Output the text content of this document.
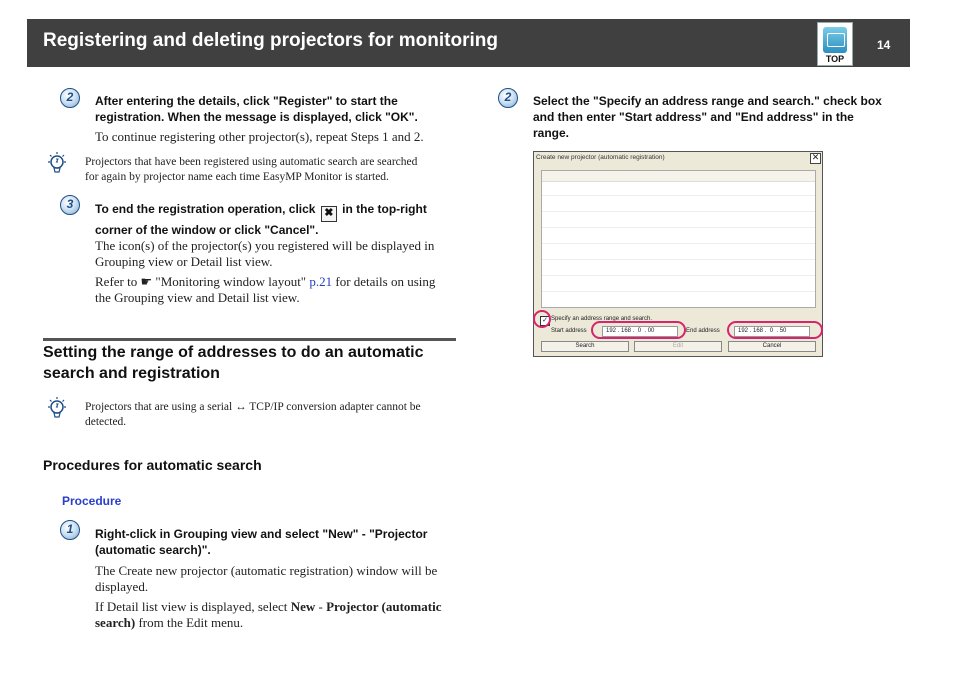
Registering and deleting projectors for monitoring
TOP
14
2	After entering the details, click "Register" to start the
registration. When the message is displayed, click "OK".
To continue registering other projector(s), repeat Steps 1 and 2.
Projectors that have been registered using automatic search are searched
for again by projector name each time EasyMP Monitor is started.
3	To end the registration operation, click ✖ in the top-right
corner of the window or click "Cancel".
The icon(s) of the projector(s) you registered will be displayed in
Grouping view or Detail list view.
Refer to ☛ "Monitoring window layout" p.21 for details on using
the Grouping view and Detail list view.
Setting the range of addresses to do an automatic
search and registration
Projectors that are using a serial ↔ TCP/IP conversion adapter cannot be
detected.
Procedures for automatic search
Procedure
1	Right-click in Grouping view and select "New" - "Projector
(automatic search)".
The Create new projector (automatic registration) window will be
displayed.
If Detail list view is displayed, select New - Projector (automatic
search) from the Edit menu.
2	Select the "Specify an address range and search." check box
and then enter "Start address" and "End address" in the
range.
Create new projector (automatic registration)	✕
✓ Specify an address range and search.
Start address	192 . 168 .  0  . 00	End address	192 . 168 .  0  . 50
Search	Edit	Cancel
